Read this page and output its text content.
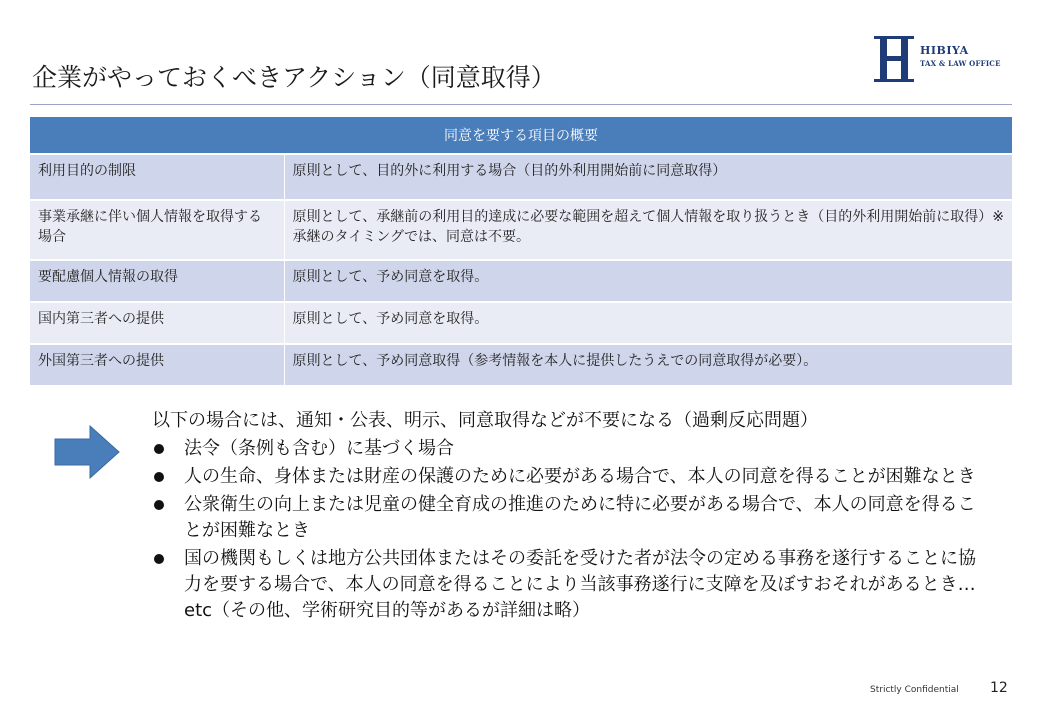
企業がやっておくべきアクション（同意取得）
HIBIYA
TAX & LAW OFFICE
同意を要する項目の概要	
利用目的の制限	原則として、目的外に利用する場合（目的外利用開始前に同意取得）
事業承継に伴い個人情報を取得する場合	原則として、承継前の利用目的達成に必要な範囲を超えて個人情報を取り扱うとき（目的外利用開始前に取得）※承継のタイミングでは、同意は不要。
要配慮個人情報の取得	原則として、予め同意を取得。
国内第三者への提供	原則として、予め同意を取得。
外国第三者への提供	原則として、予め同意取得（参考情報を本人に提供したうえでの同意取得が必要）。

以下の場合には、通知・公表、明示、同意取得などが不要になる（過剰反応問題）

法令（条例も含む）に基づく場合
人の生命、身体または財産の保護のために必要がある場合で、本人の同意を得ることが困難なとき
公衆衛生の向上または児童の健全育成の推進のために特に必要がある場合で、本人の同意を得ることが困難なとき
国の機関もしくは地方公共団体またはその委託を受けた者が法令の定める事務を遂行することに協力を要する場合で、本人の同意を得ることにより当該事務遂行に支障を及ぼすおそれがあるとき…etc（その他、学術研究目的等があるが詳細は略）
Strictly Confidential 12
